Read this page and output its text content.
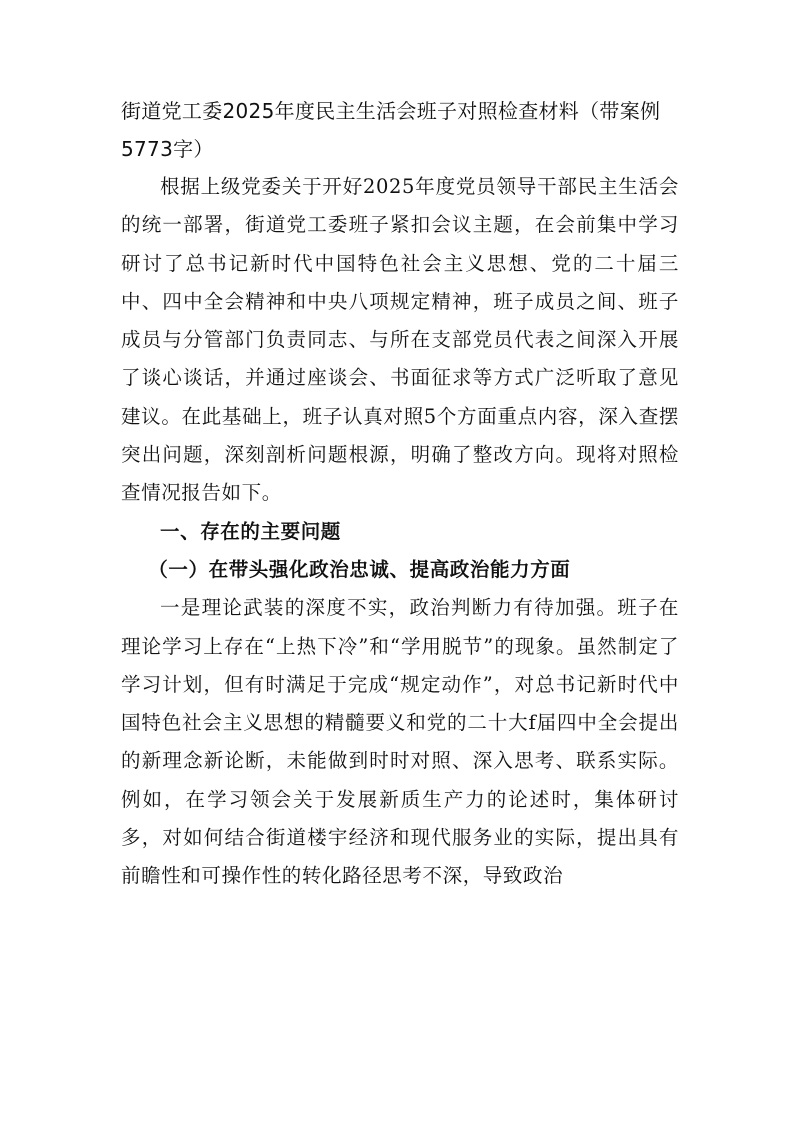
街道党工委2025年度民主生活会班子对照检查材料（带案例5773字）

根据上级党委关于开好2025年度党员领导干部民主生活会的统一部署，街道党工委班子紧扣会议主题，在会前集中学习研讨了总书记新时代中国特色社会主义思想、党的二十届三中、四中全会精神和中央八项规定精神，班子成员之间、班子成员与分管部门负责同志、与所在支部党员代表之间深入开展了谈心谈话，并通过座谈会、书面征求等方式广泛听取了意见建议。在此基础上，班子认真对照5个方面重点内容，深入查摆突出问题，深刻剖析问题根源，明确了整改方向。现将对照检查情况报告如下。

一、存在的主要问题

（一）在带头强化政治忠诚、提高政治能力方面

一是理论武装的深度不实，政治判断力有待加强。班子在理论学习上存在“上热下冷”和“学用脱节”的现象。虽然制定了学习计划，但有时满足于完成“规定动作”，对总书记新时代中国特色社会主义思想的精髓要义和党的二十大f届四中全会提出的新理念新论断，未能做到时时对照、深入思考、联系实际。例如，在学习领会关于发展新质生产力的论述时，集体研讨多，对如何结合街道楼宇经济和现代服务业的实际，提出具有前瞻性和可操作性的转化路径思考不深，导致政治
